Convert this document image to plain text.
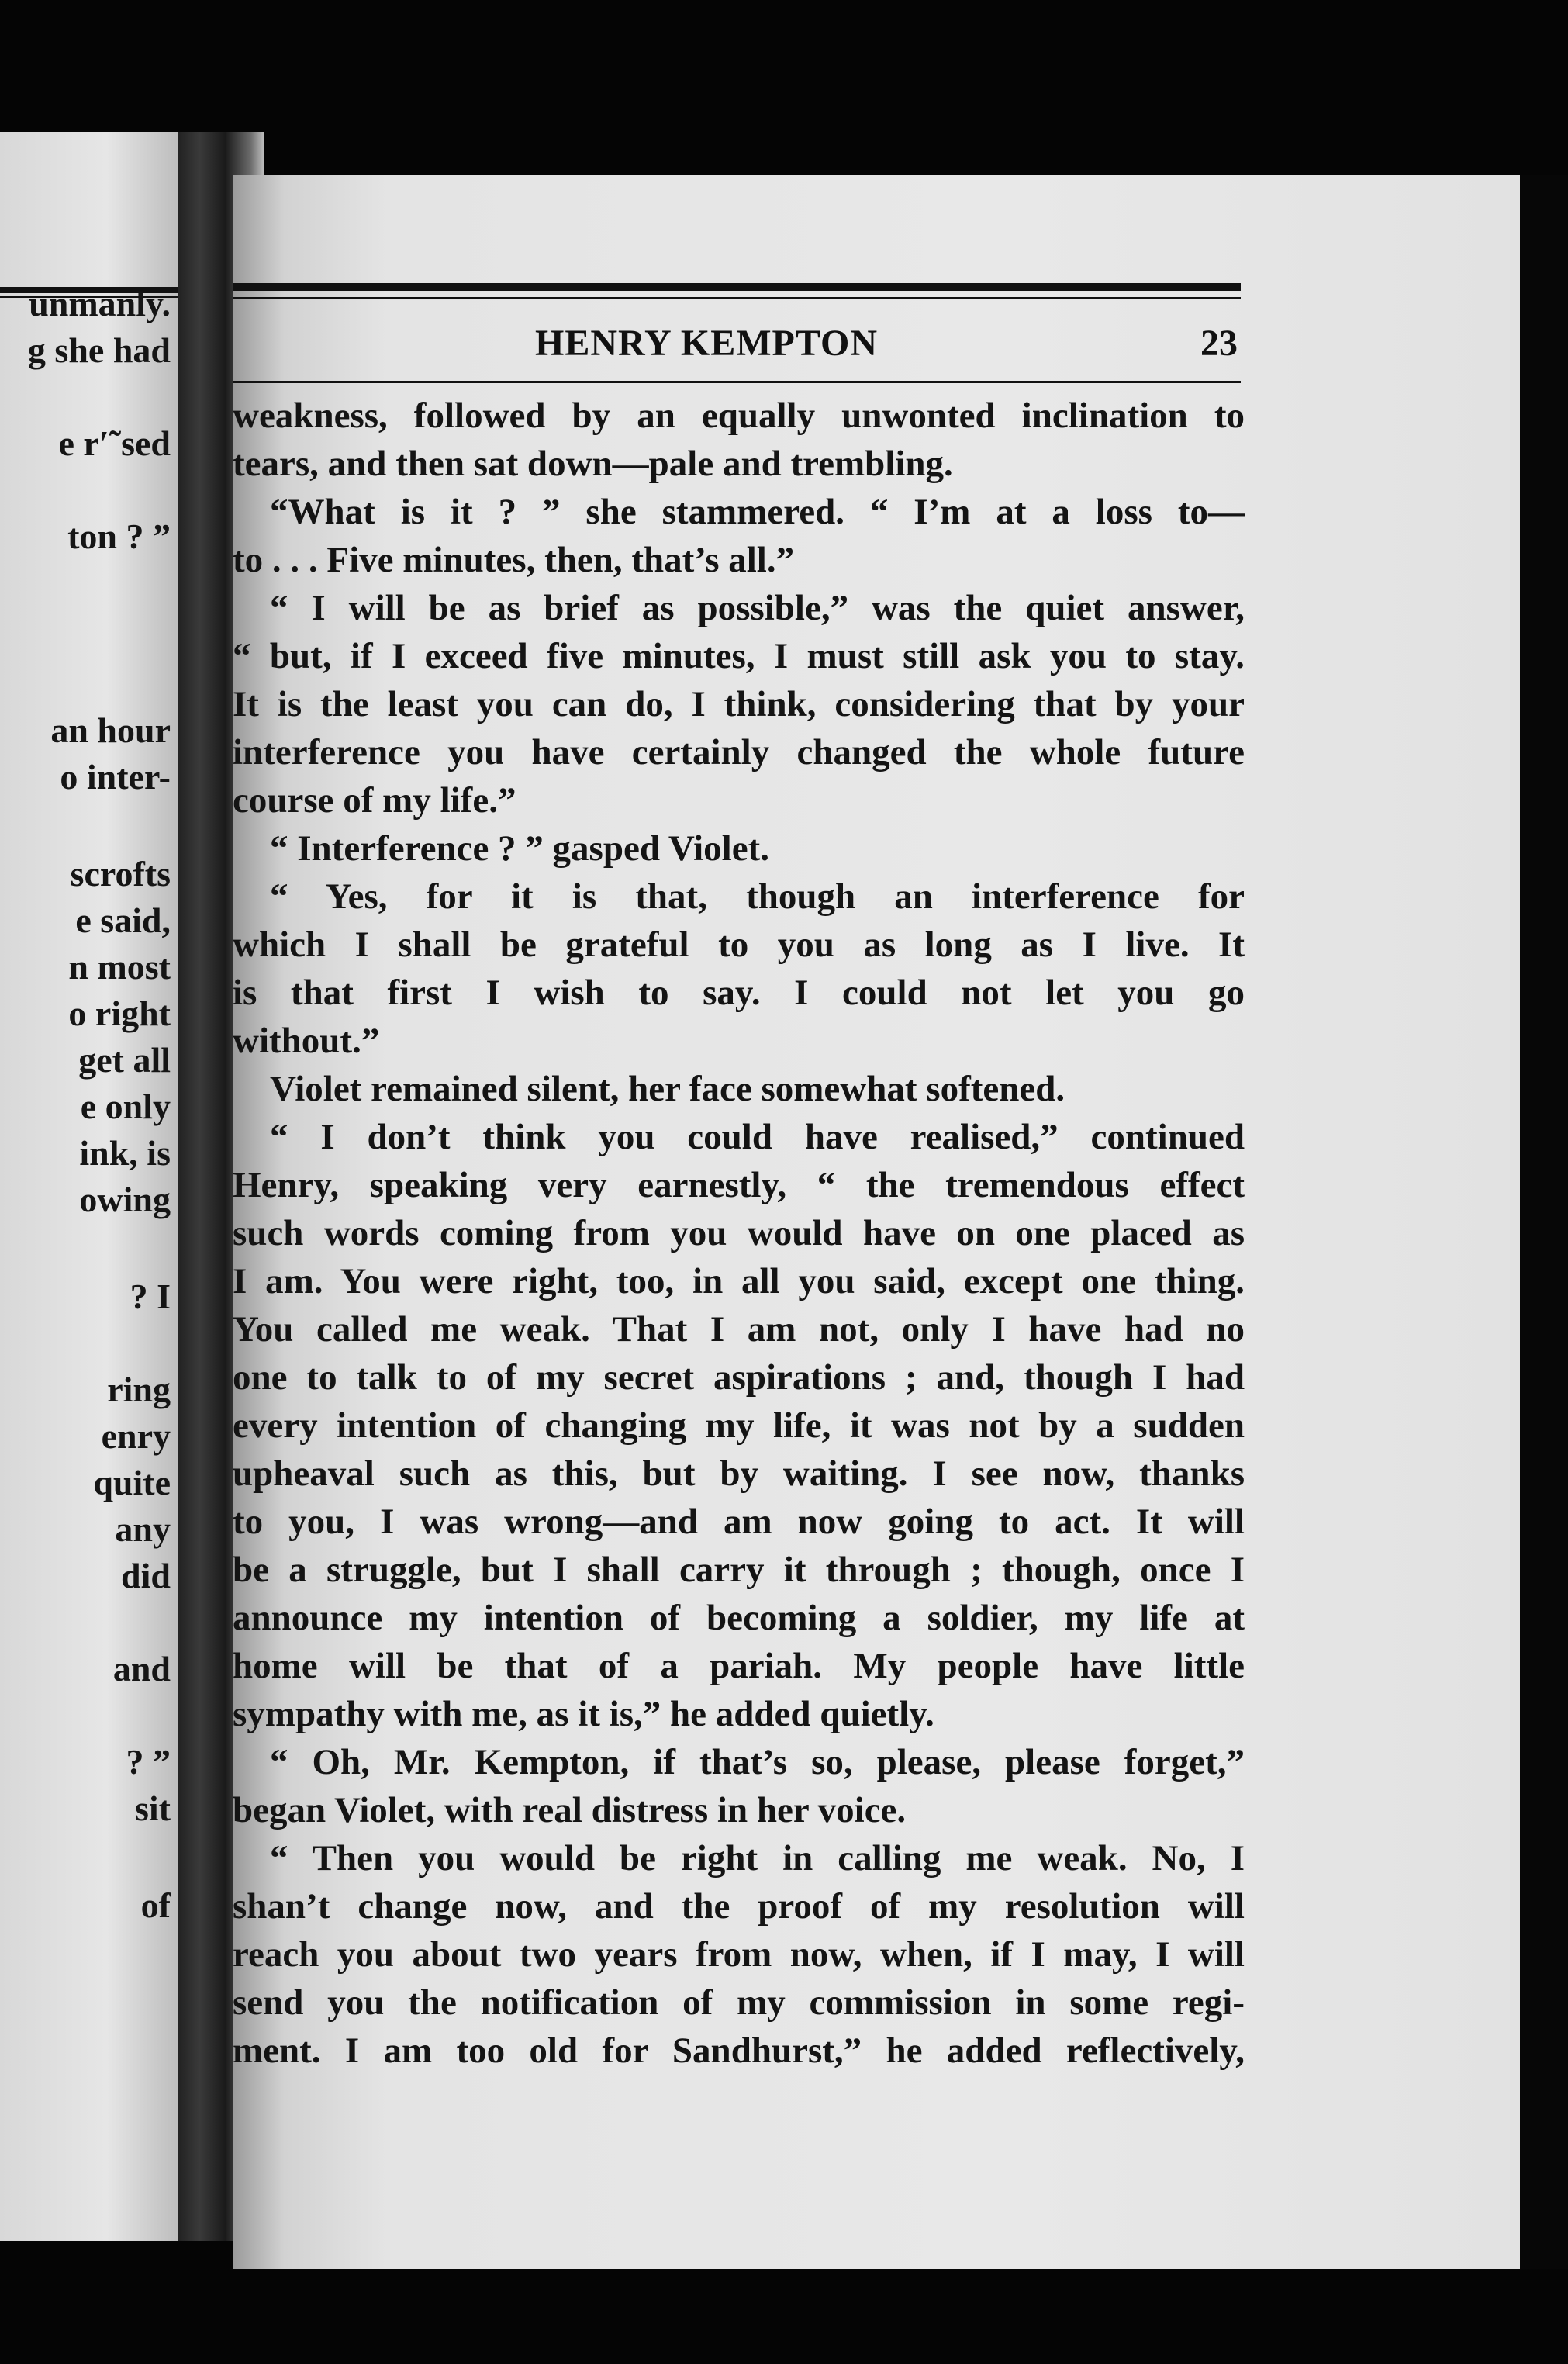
unmanly.
g she had
e r′˜sed
ton ? ”
an hour
o inter-
scrofts
e said,
n most
o right
get all
e only
ink, is
owing
? I
ring
enry
quite
any
did
and
? ”
sit
of
HENRY KEMPTON	23
weakness, followed by an equally unwonted inclination to
tears, and then sat down—pale and trembling.
“What is it ? ” she stammered. “ I’m at a loss to—
to . . . Five minutes, then, that’s all.”
“ I will be as brief as possible,” was the quiet answer,
“ but, if I exceed five minutes, I must still ask you to stay.
It is the least you can do, I think, considering that by your
interference you have certainly changed the whole future
course of my life.”
“ Interference ? ” gasped Violet.
“ Yes, for it is that, though an interference for
which I shall be grateful to you as long as I live. It
is that first I wish to say. I could not let you go
without.”
Violet remained silent, her face somewhat softened.
“ I don’t think you could have realised,” continued
Henry, speaking very earnestly, “ the tremendous effect
such words coming from you would have on one placed as
I am. You were right, too, in all you said, except one thing.
You called me weak. That I am not, only I have had no
one to talk to of my secret aspirations ; and, though I had
every intention of changing my life, it was not by a sudden
upheaval such as this, but by waiting. I see now, thanks
to you, I was wrong—and am now going to act. It will
be a struggle, but I shall carry it through ; though, once I
announce my intention of becoming a soldier, my life at
home will be that of a pariah. My people have little
sympathy with me, as it is,” he added quietly.
“ Oh, Mr. Kempton, if that’s so, please, please forget,”
began Violet, with real distress in her voice.
“ Then you would be right in calling me weak. No, I
shan’t change now, and the proof of my resolution will
reach you about two years from now, when, if I may, I will
send you the notification of my commission in some regi-
ment. I am too old for Sandhurst,” he added reflectively,
